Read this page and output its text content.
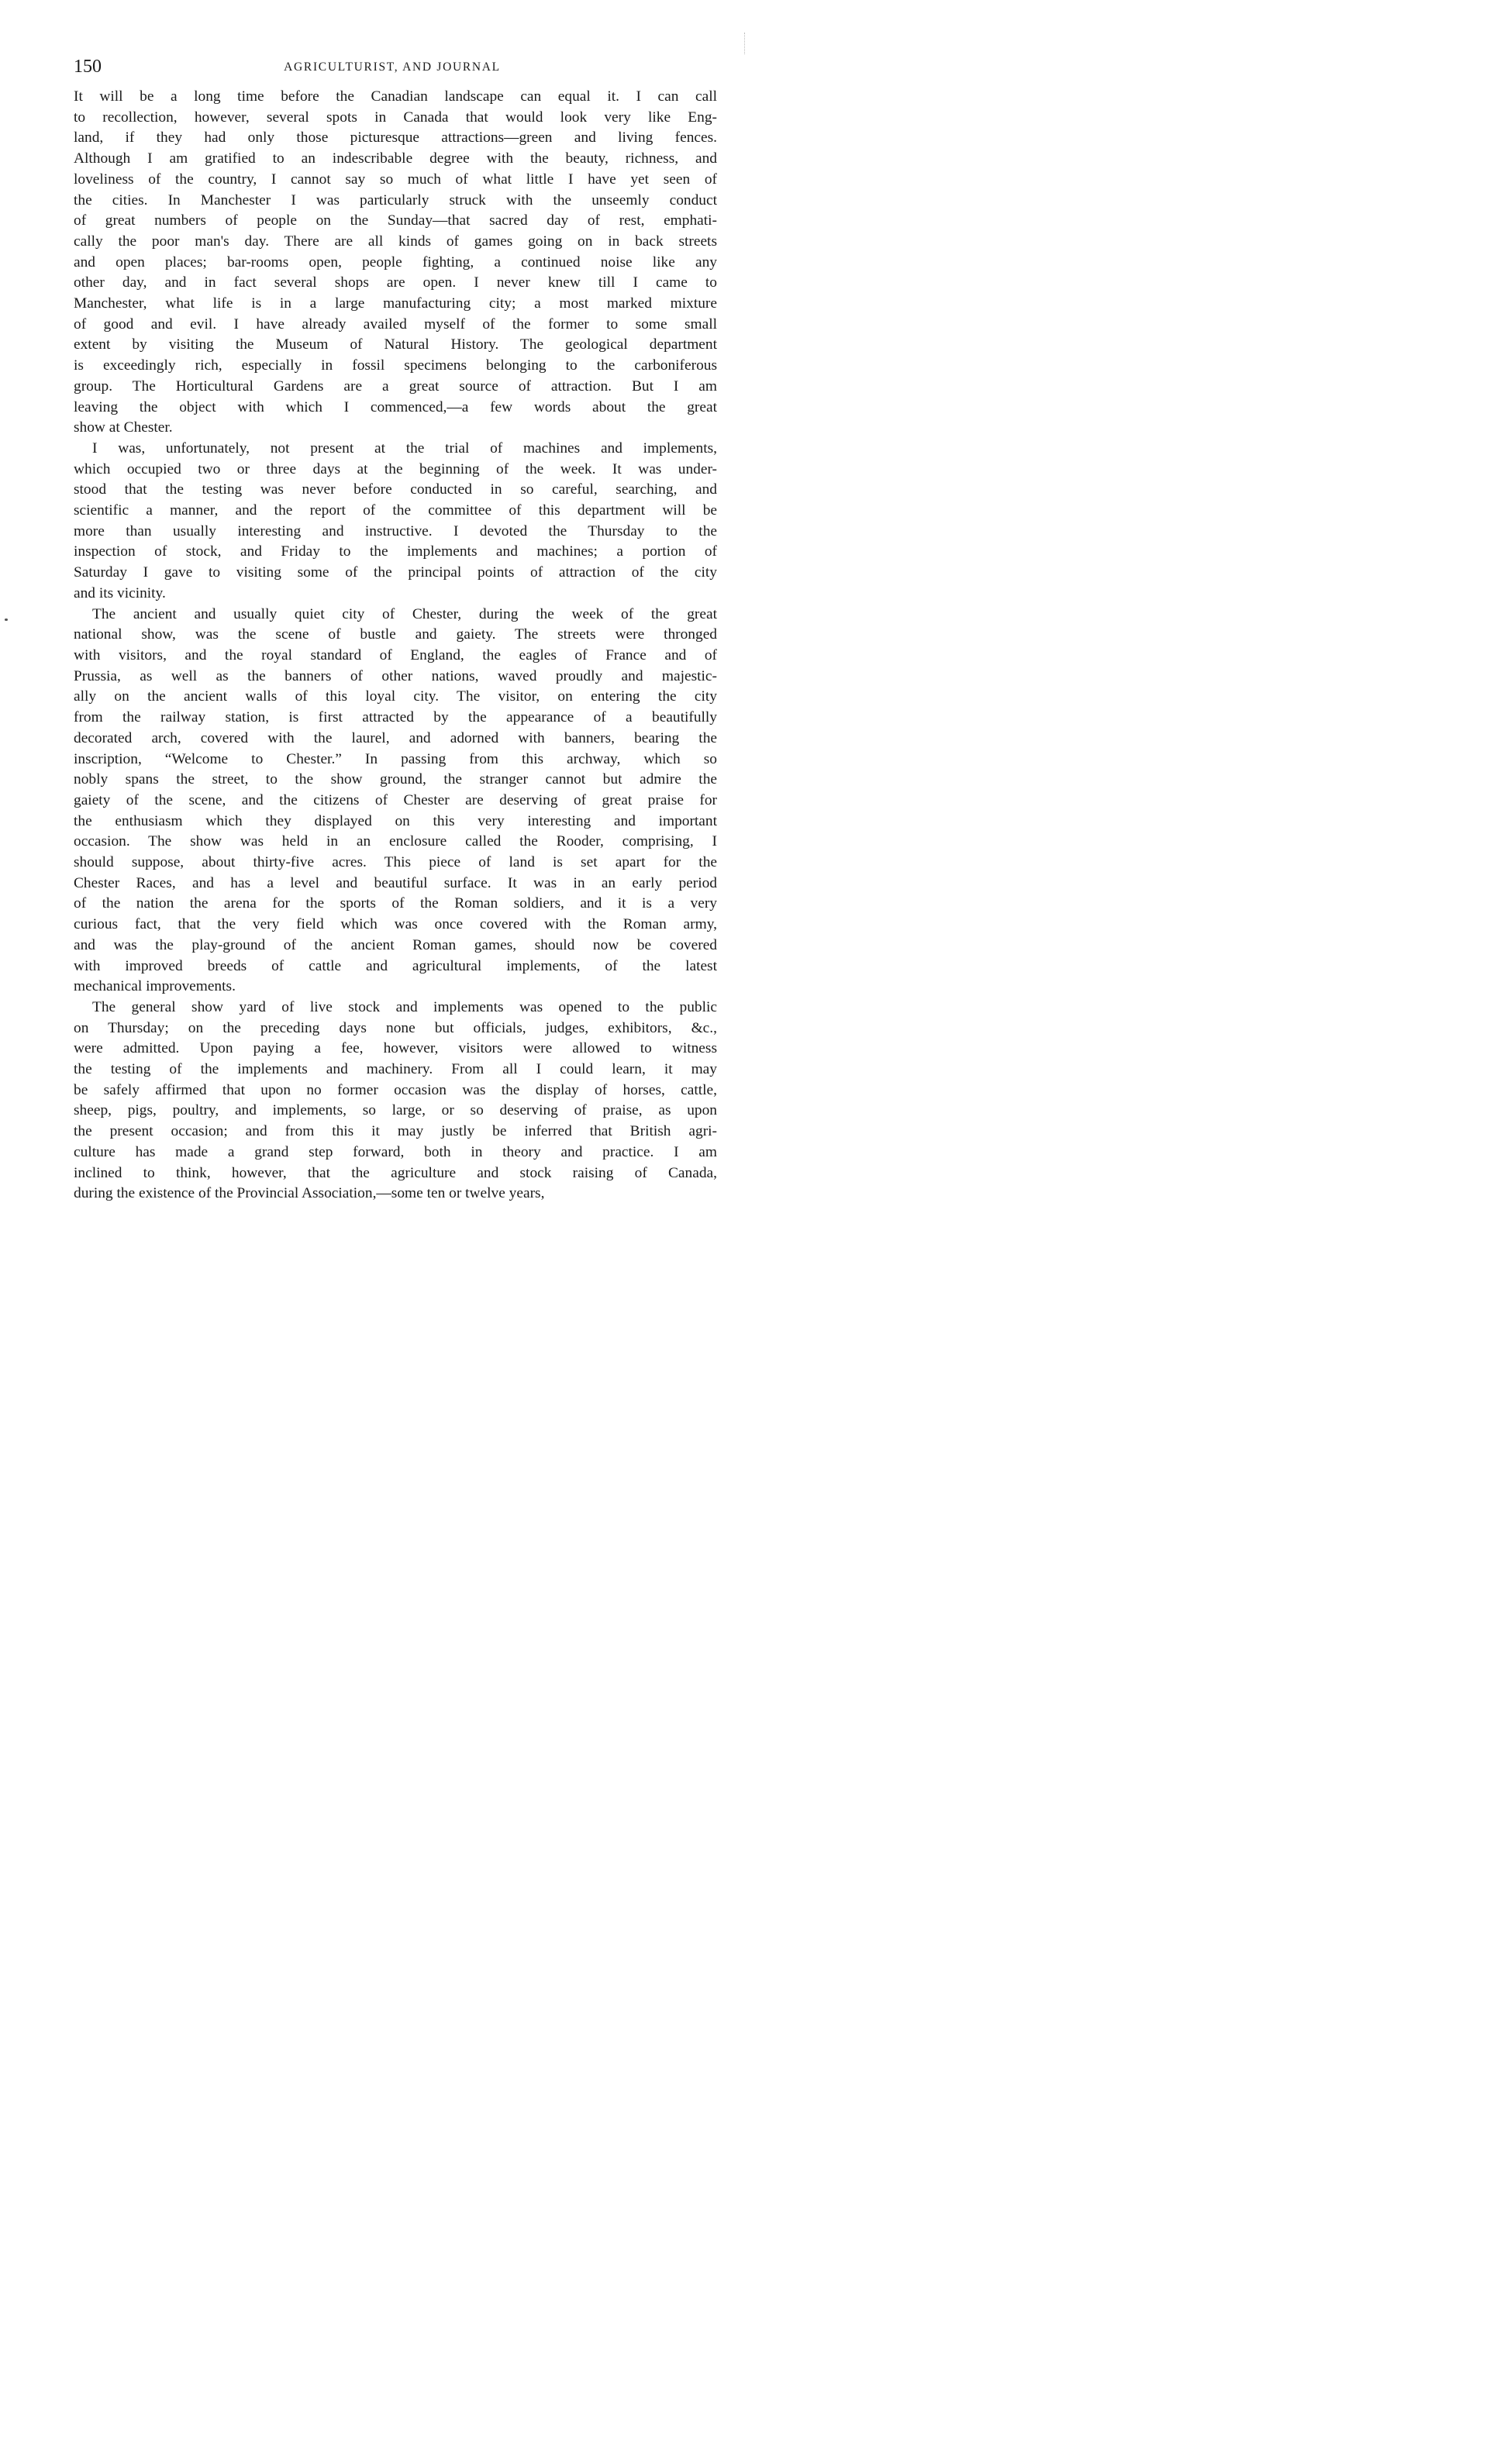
150	AGRICULTURIST, AND JOURNAL
It will be a long time before the Canadian landscape can equal it. I can call
to recollection, however, several spots in Canada that would look very like Eng-
land, if they had only those picturesque attractions—green and living fences.
Although I am gratified to an indescribable degree with the beauty, richness, and
loveliness of the country, I cannot say so much of what little I have yet seen of
the cities. In Manchester I was particularly struck with the unseemly conduct
of great numbers of people on the Sunday—that sacred day of rest, emphati-
cally the poor man's day. There are all kinds of games going on in back streets
and open places; bar-rooms open, people fighting, a continued noise like any
other day, and in fact several shops are open. I never knew till I came to
Manchester, what life is in a large manufacturing city; a most marked mixture
of good and evil. I have already availed myself of the former to some small
extent by visiting the Museum of Natural History. The geological department
is exceedingly rich, especially in fossil specimens belonging to the carboniferous
group. The Horticultural Gardens are a great source of attraction. But I am
leaving the object with which I commenced,—a few words about the great
show at Chester.
I was, unfortunately, not present at the trial of machines and implements,
which occupied two or three days at the beginning of the week. It was under-
stood that the testing was never before conducted in so careful, searching, and
scientific a manner, and the report of the committee of this department will be
more than usually interesting and instructive. I devoted the Thursday to the
inspection of stock, and Friday to the implements and machines; a portion of
Saturday I gave to visiting some of the principal points of attraction of the city
and its vicinity.
The ancient and usually quiet city of Chester, during the week of the great
national show, was the scene of bustle and gaiety. The streets were thronged
with visitors, and the royal standard of England, the eagles of France and of
Prussia, as well as the banners of other nations, waved proudly and majestic-
ally on the ancient walls of this loyal city. The visitor, on entering the city
from the railway station, is first attracted by the appearance of a beautifully
decorated arch, covered with the laurel, and adorned with banners, bearing the
inscription, “Welcome to Chester.” In passing from this archway, which so
nobly spans the street, to the show ground, the stranger cannot but admire the
gaiety of the scene, and the citizens of Chester are deserving of great praise for
the enthusiasm which they displayed on this very interesting and important
occasion. The show was held in an enclosure called the Rooder, comprising, I
should suppose, about thirty-five acres. This piece of land is set apart for the
Chester Races, and has a level and beautiful surface. It was in an early period
of the nation the arena for the sports of the Roman soldiers, and it is a very
curious fact, that the very field which was once covered with the Roman army,
and was the play-ground of the ancient Roman games, should now be covered
with improved breeds of cattle and agricultural implements, of the latest
mechanical improvements.
The general show yard of live stock and implements was opened to the public
on Thursday; on the preceding days none but officials, judges, exhibitors, &c.,
were admitted. Upon paying a fee, however, visitors were allowed to witness
the testing of the implements and machinery. From all I could learn, it may
be safely affirmed that upon no former occasion was the display of horses, cattle,
sheep, pigs, poultry, and implements, so large, or so deserving of praise, as upon
the present occasion; and from this it may justly be inferred that British agri-
culture has made a grand step forward, both in theory and practice. I am
inclined to think, however, that the agriculture and stock raising of Canada,
during the existence of the Provincial Association,—some ten or twelve years,
